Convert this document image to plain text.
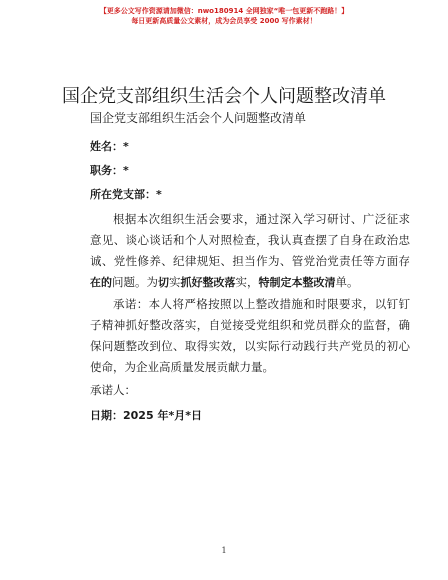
【更多公文写作资源请加微信：nwo180914 全网独家“唯一包更新不跑路！】
每日更新高质量公文素材，成为会员享受 2000 写作素材！
国企党支部组织生活会个人问题整改清单

国企党支部组织生活会个人问题整改清单

姓名：*

职务：*

所在党支部：*

根据本次组织生活会要求，通过深入学习研讨、广泛征求意见、谈心谈话和个人对照检查，我认真查摆了自身在政治忠诚、党性修养、纪律规矩、担当作为、管党治党责任等方面存在的问题。为切实抓好整改落实，特制定本整改清单。

承诺：本人将严格按照以上整改措施和时限要求，以钉钉子精神抓好整改落实，自觉接受党组织和党员群众的监督，确保问题整改到位、取得实效，以实际行动践行共产党员的初心使命，为企业高质量发展贡献力量。

承诺人：

日期：2025 年*月*日

1
